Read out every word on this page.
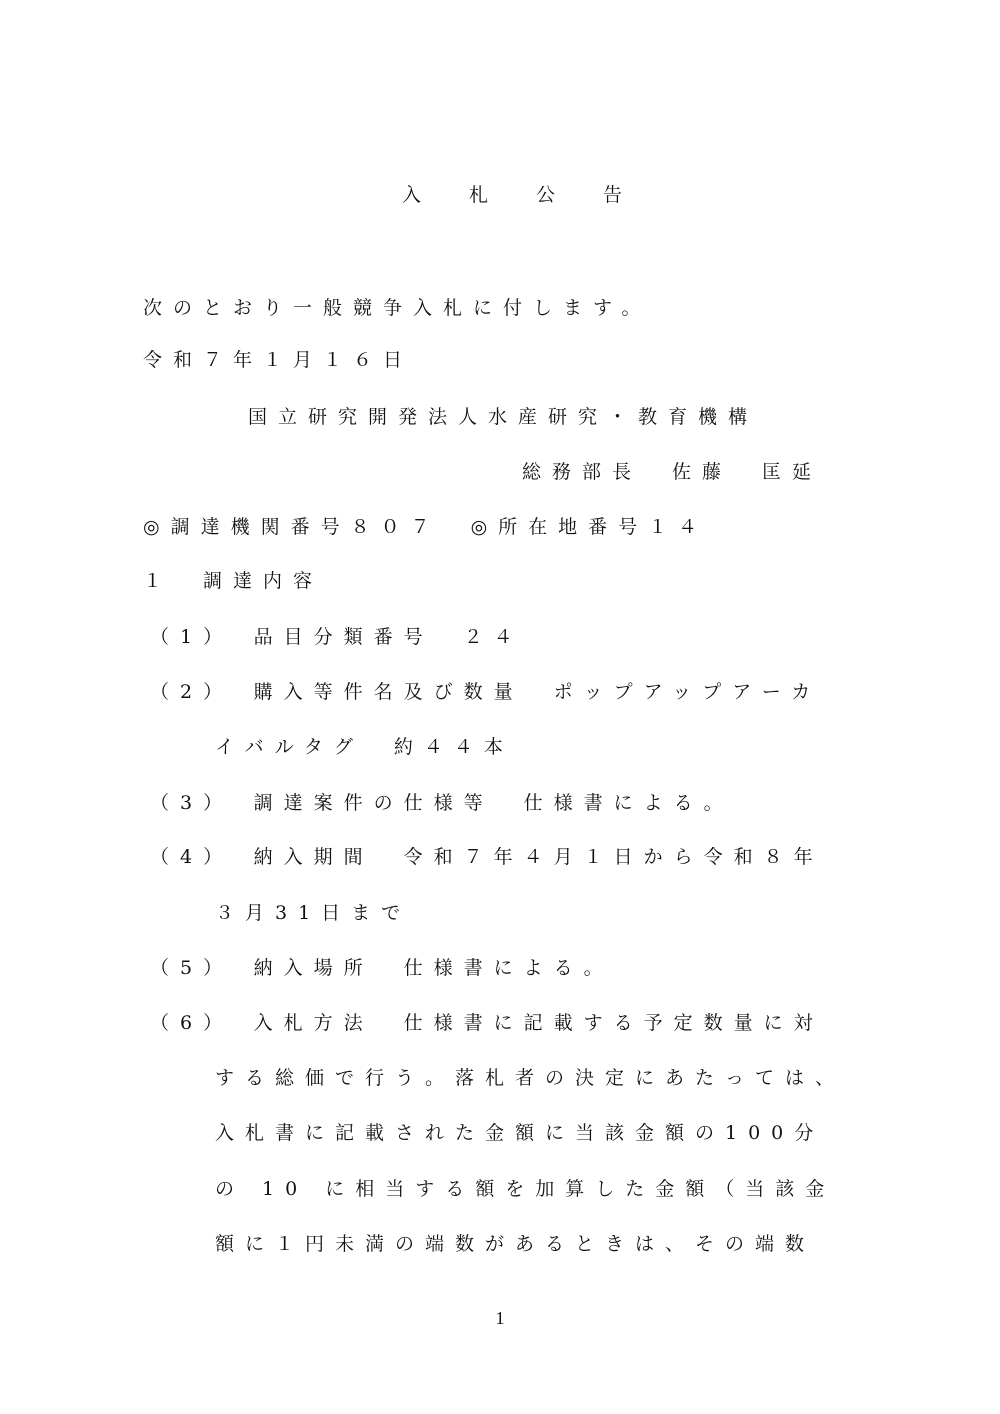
入札公告
次のとおり一般競争入札に付します。
令和７年１月１６日
国立研究開発法人水産研究・教育機構
総務部長　佐藤　匡延
◎調達機関番号８０７　◎所在地番号１４
１　調達内容
（1）　品目分類番号　２４
（2）　購入等件名及び数量　ポップアップアーカ
イバルタグ　約４４本
（3）　調達案件の仕様等　仕様書による。
（4）　納入期間　令和７年４月１日から令和８年
３月31日まで
（5）　納入場所　仕様書による。
（6）　入札方法　仕様書に記載する予定数量に対
する総価で行う。落札者の決定にあたっては、
入札書に記載された金額に当該金額の100分
の 10 に相当する額を加算した金額（当該金
額に１円未満の端数があるときは、その端数
1
